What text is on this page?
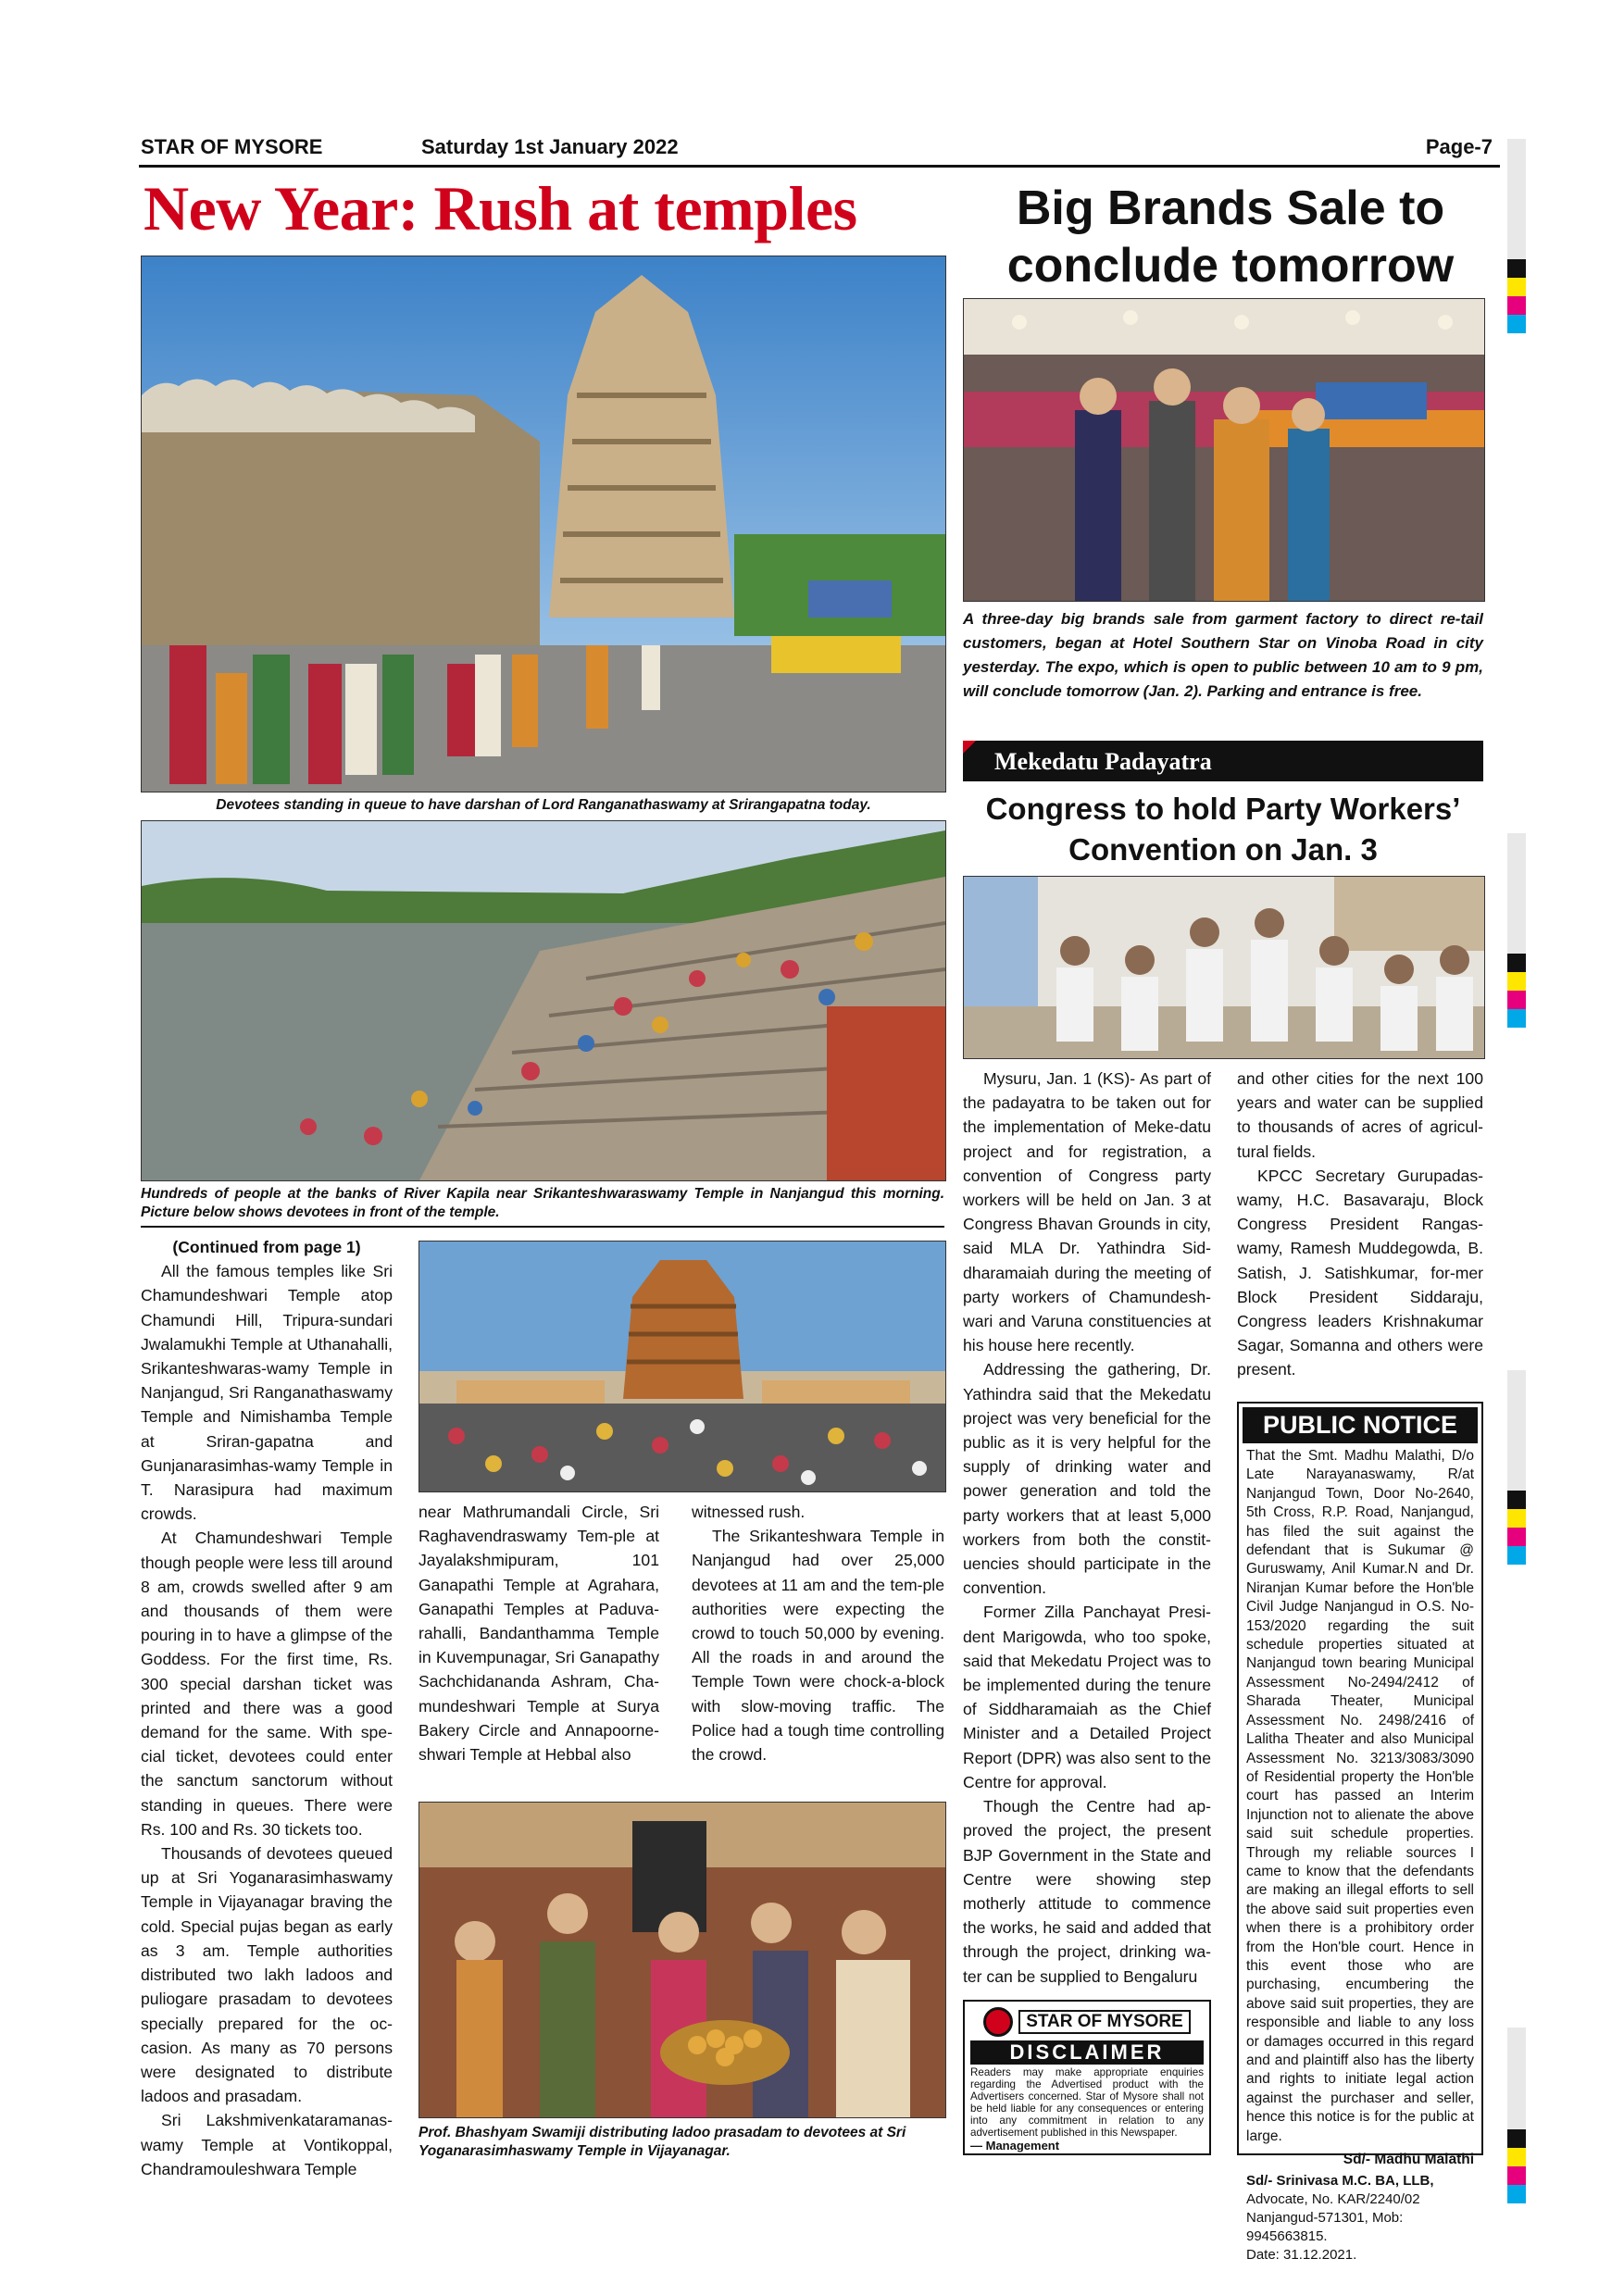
STAR OF MYSORE	Saturday 1st January 2022	Page-7
New Year: Rush at temples
Devotees standing in queue to have darshan of Lord Ranganathaswamy at Srirangapatna today.
Hundreds of people at the banks of River Kapila near Srikanteshwaraswamy Temple in Nanjangud this morning. Picture below shows devotees in front of the temple.

(Continued from page 1)

All the famous temples like Sri Chamundeshwari Temple atop Chamundi Hill, Tripura-sundari Jwalamukhi Temple at Uthanahalli, Srikanteshwaras-wamy Temple in Nanjangud, Sri Ranganathaswamy Temple and Nimishamba Temple at Sriran-gapatna and Gunjanarasimhas-wamy Temple in T. Narasipura had maximum crowds.

At Chamundeshwari Temple though people were less till around 8 am, crowds swelled after 9 am and thousands of them were pouring in to have a glimpse of the Goddess. For the first time, Rs. 300 special darshan ticket was printed and there was a good demand for the same. With spe-cial ticket, devotees could enter the sanctum sanctorum without standing in queues. There were Rs. 100 and Rs. 30 tickets too.

Thousands of devotees queued up at Sri Yoganarasimhaswamy Temple in Vijayanagar braving the cold. Special pujas began as early as 3 am. Temple authorities distributed two lakh ladoos and puliogare prasadam to devotees specially prepared for the oc-casion. As many as 70 persons were designated to distribute ladoos and prasadam.

Sri Lakshmivenkataramanas-wamy Temple at Vontikoppal, Chandramouleshwara Temple

near Mathrumandali Circle, Sri Raghavendraswamy Tem-ple at Jayalakshmipuram, 101 Ganapathi Temple at Agrahara, Ganapathi Temples at Paduva-rahalli, Bandanthamma Temple in Kuvempunagar, Sri Ganapathy Sachchidananda Ashram, Cha-mundeshwari Temple at Surya Bakery Circle and Annapoorne-shwari Temple at Hebbal also

witnessed rush.

The Srikanteshwara Temple in Nanjangud had over 25,000 devotees at 11 am and the tem-ple authorities were expecting the crowd to touch 50,000 by evening. All the roads in and around the Temple Town were chock-a-block with slow-moving traffic. The Police had a tough time controlling the crowd.

Prof. Bhashyam Swamiji distributing ladoo prasadam to devotees at Sri Yoganarasimhaswamy Temple in Vijayanagar.
Big Brands Sale to
conclude tomorrow
A three-day big brands sale from garment factory to direct re-tail customers, began at Hotel Southern Star on Vinoba Road in city yesterday. The expo, which is open to public between 10 am to 9 pm, will conclude tomorrow (Jan. 2). Parking and entrance is free.
Mekedatu Padayatra
Congress to hold Party Workers’
Convention on Jan. 3

Mysuru, Jan. 1 (KS)- As part of the padayatra to be taken out for the implementation of Meke-datu project and for registration, a convention of Congress party workers will be held on Jan. 3 at Congress Bhavan Grounds in city, said MLA Dr. Yathindra Sid-dharamaiah during the meeting of party workers of Chamundesh-wari and Varuna constituencies at his house here recently.

Addressing the gathering, Dr. Yathindra said that the Mekedatu project was very beneficial for the public as it is very helpful for the supply of drinking water and power generation and told the party workers that at least 5,000 workers from both the constit-uencies should participate in the convention.

Former Zilla Panchayat Presi-dent Marigowda, who too spoke, said that Mekedatu Project was to be implemented during the tenure of Siddharamaiah as the Chief Minister and a Detailed Project Report (DPR) was also sent to the Centre for approval.

Though the Centre had ap-proved the project, the present BJP Government in the State and Centre were showing step motherly attitude to commence the works, he said and added that through the project, drinking wa-ter can be supplied to Bengaluru

and other cities for the next 100 years and water can be supplied to thousands of acres of agricul-tural fields.

KPCC Secretary Gurupadas-wamy, H.C. Basavaraju, Block Congress President Rangas-wamy, Ramesh Muddegowda, B. Satish, J. Satishkumar, for-mer Block President Siddaraju, Congress leaders Krishnakumar Sagar, Somanna and others were present.

PUBLIC NOTICE
That the Smt. Madhu Malathi, D/o Late Narayanaswamy, R/at Nanjangud Town, Door No-2640, 5th Cross, R.P. Road, Nanjangud, has filed the suit against the defendant that is Sukumar @ Guruswamy, Anil Kumar.N and Dr. Niranjan Kumar before the Hon'ble Civil Judge Nanjangud in O.S. No-153/2020 regarding the suit schedule properties situated at Nanjangud town bearing Municipal Assessment No-2494/2412 of Sharada Theater, Municipal Assessment No. 2498/2416 of Lalitha Theater and also Municipal Assessment No. 3213/3083/3090 of Residential property the Hon'ble court has passed an Interim Injunction not to alienate the above said suit schedule properties. Through my reliable sources I came to know that the defendants are making an illegal efforts to sell the above said suit properties even when there is a prohibitory order from the Hon'ble court. Hence in this event those who are purchasing, encumbering the above said suit properties, they are responsible and liable to any loss or damages occurred in this regard and and plaintiff also has the liberty and rights to initiate legal action against the purchaser and seller, hence this notice is for the public at large.
Sd/- Madhu Malathi
Sd/- Srinivasa M.C. BA, LLB,
Advocate, No. KAR/2240/02 Nanjangud-571301, Mob: 9945663815.
Date: 31.12.2021.
STAR OF MYSORE
DISCLAIMER
Readers may make appropriate enquiries regarding the Advertised product with the Advertisers concerned. Star of Mysore shall not be held liable for any consequences or entering into any commitment in relation to any advertisement published in this Newspaper.
— Management
